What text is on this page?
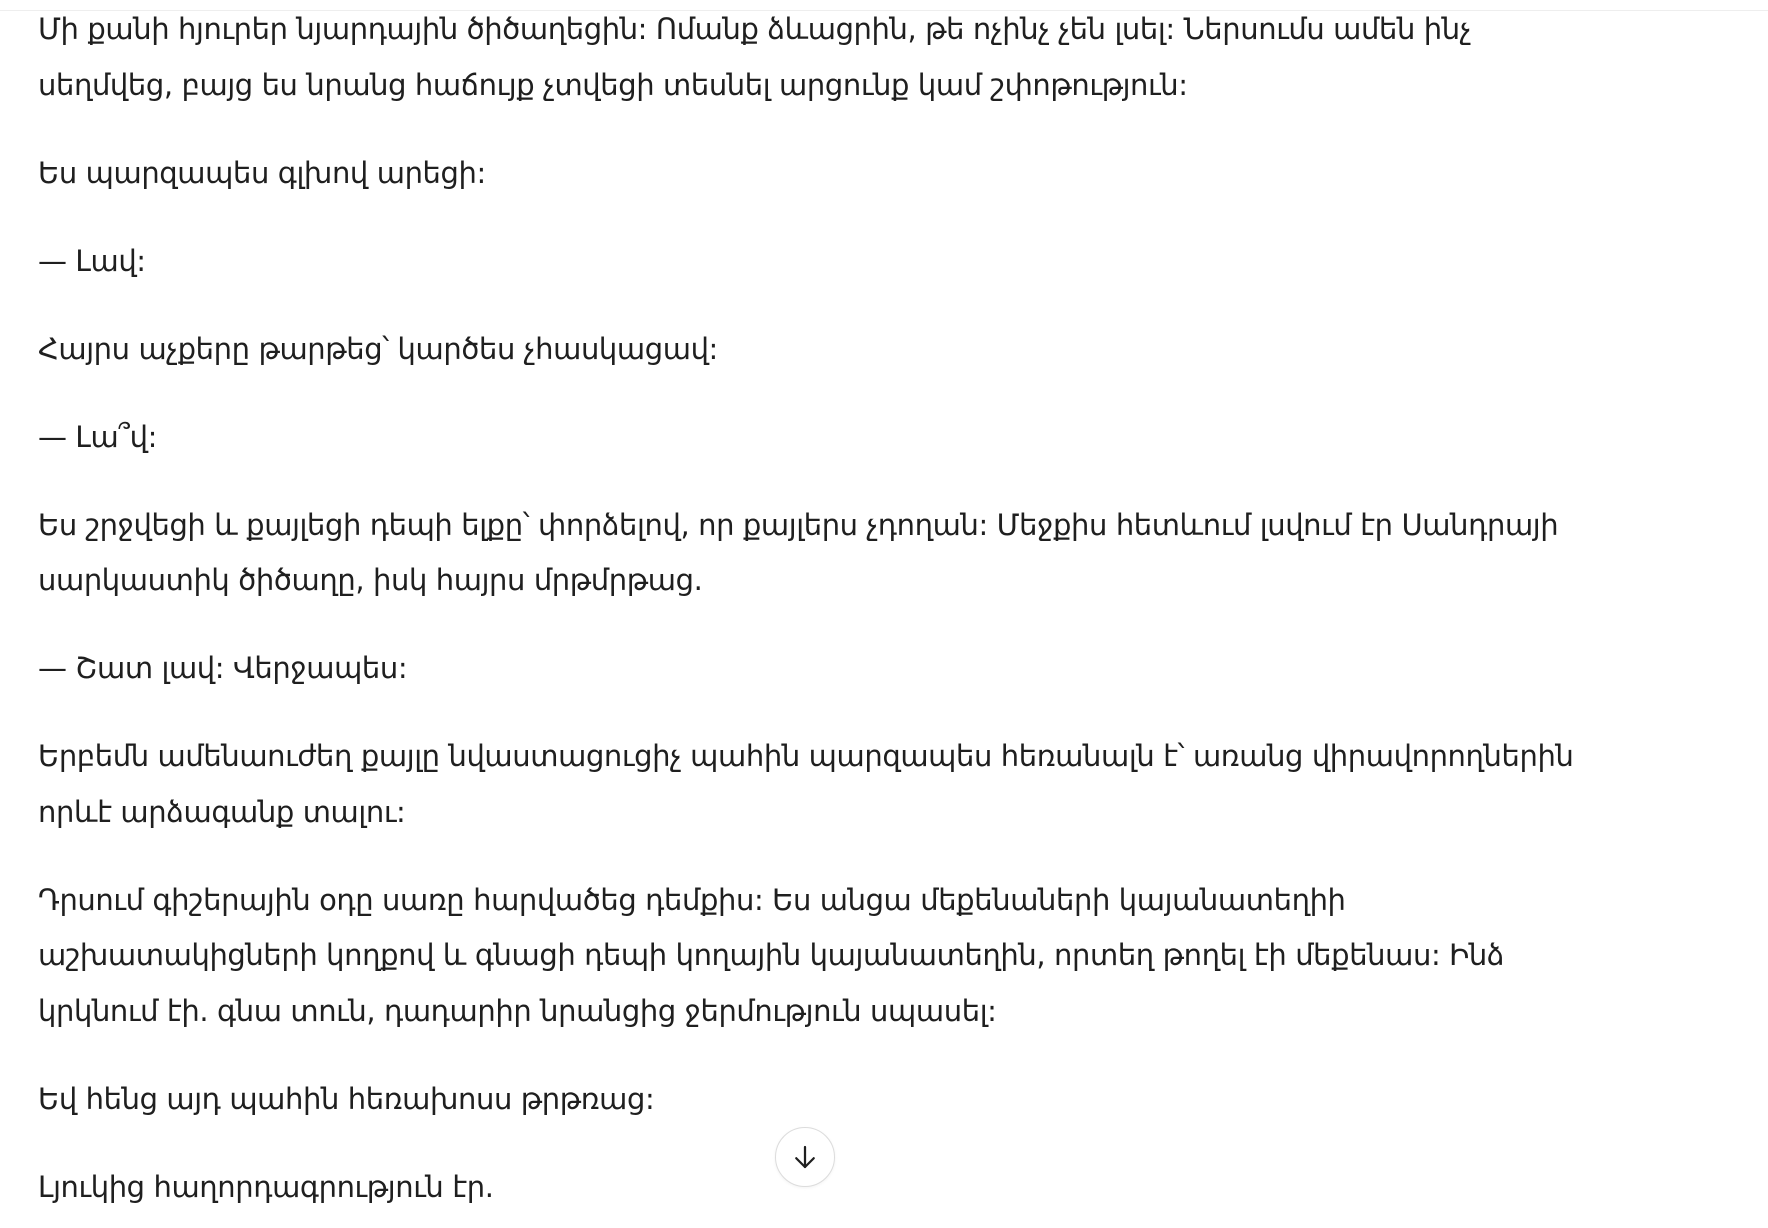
Մի քանի հյուրեր նյարդային ծիծաղեցին: Ոմանք ձևացրին, թե ոչինչ չեն լսել: Ներսումս ամեն ինչ
սեղմվեց, բայց ես նրանց հաճույք չտվեցի տեսնել արցունք կամ շփոթություն:

Ես պարզապես գլխով արեցի:

— Լավ:

Հայրս աչքերը թարթեց՝ կարծես չհասկացավ:

— Լա՞վ:

Ես շրջվեցի և քայլեցի դեպի ելքը՝ փորձելով, որ քայլերս չդողան: Մեջքիս հետևում լսվում էր Սանդրայի
սարկաստիկ ծիծաղը, իսկ հայրս մրթմրթաց.

— Շատ լավ: Վերջապես:

Երբեմն ամենաուժեղ քայլը նվաստացուցիչ պահին պարզապես հեռանալն է՝ առանց վիրավորողներին
որևէ արձագանք տալու:

Դրսում գիշերային օդը սառը հարվածեց դեմքիս: Ես անցա մեքենաների կայանատեղիի
աշխատակիցների կողքով և գնացի դեպի կողային կայանատեղին, որտեղ թողել էի մեքենաս: Ինձ
կրկնում էի. գնա տուն, դադարիր նրանցից ջերմություն սպասել:

Եվ հենց այդ պահին հեռախոսս թրթռաց:

Լյուկից հաղորդագրություն էր.
